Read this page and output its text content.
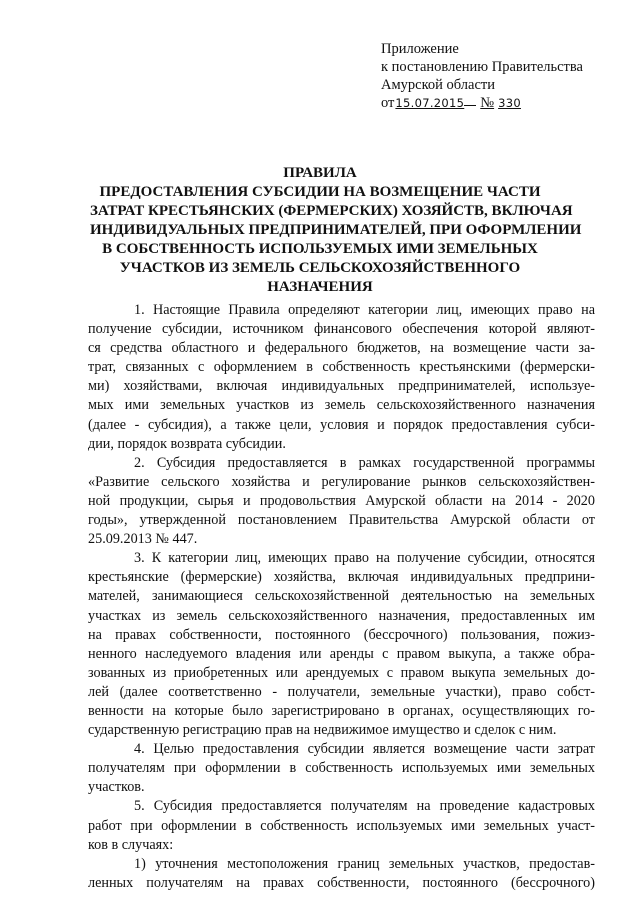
Приложение
к постановлению Правительства
Амурской области
от15.07.2015 № 330
ПРАВИЛА
ПРЕДОСТАВЛЕНИЯ СУБСИДИИ НА ВОЗМЕЩЕНИЕ ЧАСТИ
ЗАТРАТ КРЕСТЬЯНСКИХ (ФЕРМЕРСКИХ) ХОЗЯЙСТВ, ВКЛЮЧАЯ
ИНДИВИДУАЛЬНЫХ ПРЕДПРИНИМАТЕЛЕЙ, ПРИ ОФОРМЛЕНИИ
В СОБСТВЕННОСТЬ ИСПОЛЬЗУЕМЫХ ИМИ ЗЕМЕЛЬНЫХ
УЧАСТКОВ ИЗ ЗЕМЕЛЬ СЕЛЬСКОХОЗЯЙСТВЕННОГО
НАЗНАЧЕНИЯ
1. Настоящие Правила определяют категории лиц, имеющих право на
получение субсидии, источником финансового обеспечения которой являют-
ся средства областного и федерального бюджетов, на возмещение части за-
трат, связанных с оформлением в собственность крестьянскими (фермерски-
ми) хозяйствами, включая индивидуальных предпринимателей, используе-
мых ими земельных участков из земель сельскохозяйственного назначения
(далее - субсидия), а также цели, условия и порядок предоставления субси-
дии, порядок возврата субсидии.
2. Субсидия предоставляется в рамках государственной программы
«Развитие сельского хозяйства и регулирование рынков сельскохозяйствен-
ной продукции, сырья и продовольствия Амурской области на 2014 - 2020
годы», утвержденной постановлением Правительства Амурской области от
25.09.2013 № 447.
3. К категории лиц, имеющих право на получение субсидии, относятся
крестьянские (фермерские) хозяйства, включая индивидуальных предприни-
мателей, занимающиеся сельскохозяйственной деятельностью на земельных
участках из земель сельскохозяйственного назначения, предоставленных им
на правах собственности, постоянного (бессрочного) пользования, пожиз-
ненного наследуемого владения или аренды с правом выкупа, а также обра-
зованных из приобретенных или арендуемых с правом выкупа земельных до-
лей (далее соответственно - получатели, земельные участки), право собст-
венности на которые было зарегистрировано в органах, осуществляющих го-
сударственную регистрацию прав на недвижимое имущество и сделок с ним.
4. Целью предоставления субсидии является возмещение части затрат
получателям при оформлении в собственность используемых ими земельных
участков.
5. Субсидия предоставляется получателям на проведение кадастровых
работ при оформлении в собственность используемых ими земельных участ-
ков в случаях:
1) уточнения местоположения границ земельных участков, предостав-
ленных получателям на правах собственности, постоянного (бессрочного)
